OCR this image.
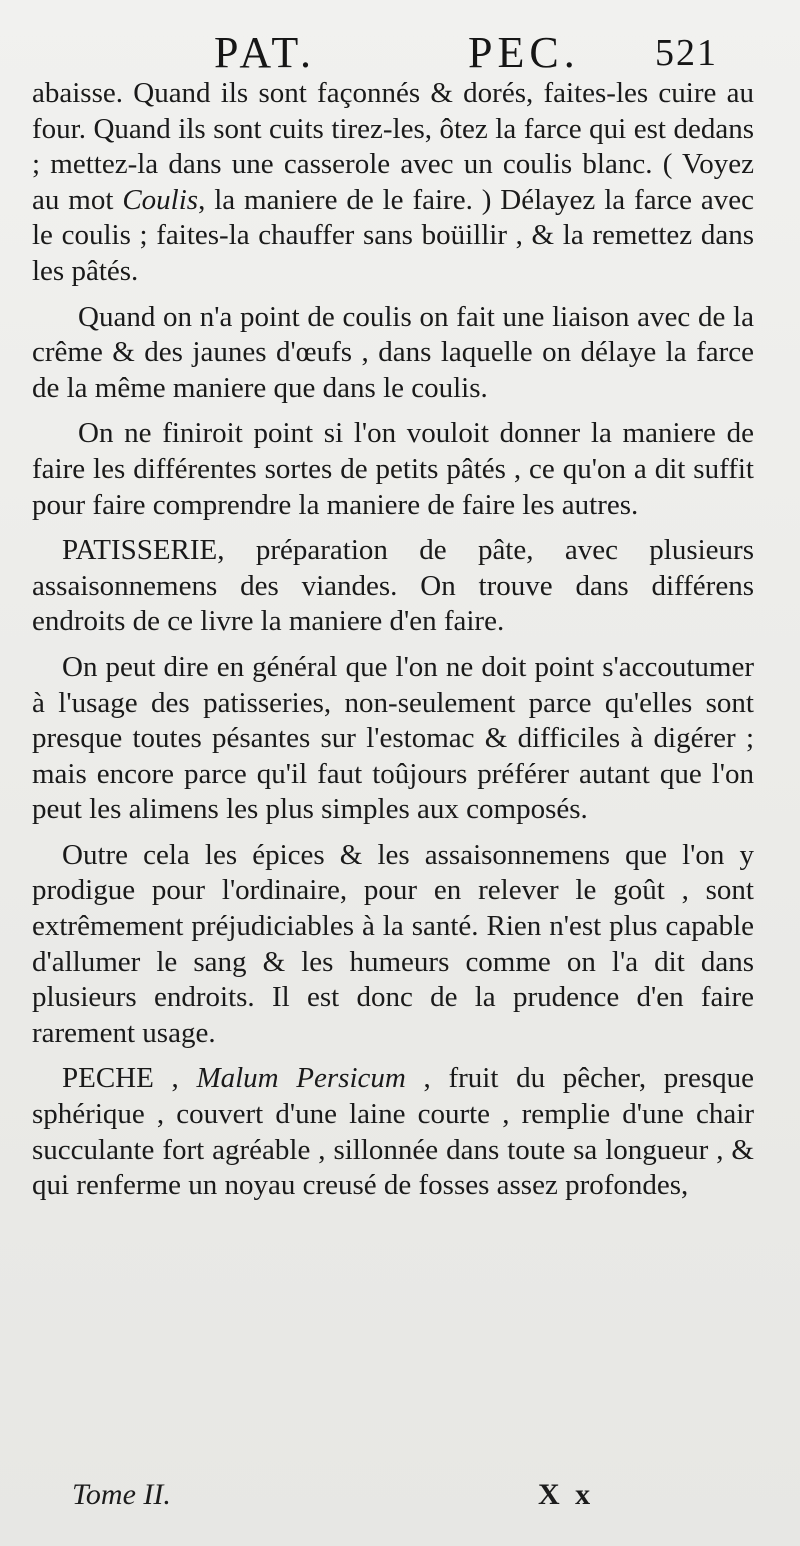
PAT.	PEC. 521

abaisse. Quand ils sont façonnés & dorés, faites-les cuire au four. Quand ils sont cuits tirez-les, ôtez la farce qui est dedans ; mettez-la dans une casserole avec un coulis blanc. ( Voyez au mot Coulis, la maniere de le faire. ) Délayez la farce avec le coulis ; faites-la chauffer sans boüillir , & la remettez dans les pâtés.

Quand on n'a point de coulis on fait une liaison avec de la crême & des jaunes d'œufs , dans laquelle on délaye la farce de la même maniere que dans le coulis.

On ne finiroit point si l'on vouloit donner la maniere de faire les différentes sortes de petits pâtés , ce qu'on a dit suffit pour faire comprendre la maniere de faire les autres.

PATISSERIE, préparation de pâte, avec plusieurs assaisonnemens des viandes. On trouve dans différens endroits de ce livre la maniere d'en faire.

On peut dire en général que l'on ne doit point s'accoutumer à l'usage des patisseries, non-seulement parce qu'elles sont presque toutes pésantes sur l'estomac & difficiles à digérer ; mais encore parce qu'il faut toûjours préférer autant que l'on peut les alimens les plus simples aux composés.

Outre cela les épices & les assaisonnemens que l'on y prodigue pour l'ordinaire, pour en relever le goût , sont extrêmement préjudiciables à la santé. Rien n'est plus capable d'allumer le sang & les humeurs comme on l'a dit dans plusieurs endroits. Il est donc de la prudence d'en faire rarement usage.

PECHE , Malum Persicum , fruit du pêcher, presque sphérique , couvert d'une laine courte , remplie d'une chair succulante fort agréable , sillonnée dans toute sa longueur , & qui renferme un noyau creusé de fosses assez profondes,

Tome II.	X x
